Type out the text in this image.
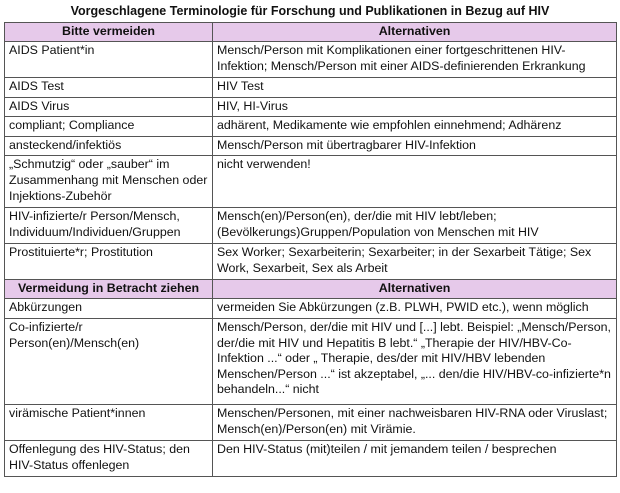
Vorgeschlagene Terminologie für Forschung und Publikationen in Bezug auf HIV
Bitte vermeiden	Alternativen
AIDS Patient*in	Mensch/Person mit Komplikationen einer fortgeschrittenen HIV-Infektion; Mensch/Person mit einer AIDS-definierenden Erkrankung
AIDS Test	HIV Test
AIDS Virus	HIV, HI-Virus
compliant; Compliance	adhärent, Medikamente wie empfohlen einnehmend; Adhärenz
ansteckend/infektiös	Mensch/Person mit übertragbarer HIV-Infektion
„Schmutzig“ oder „sauber“ im Zusammenhang mit Menschen oder Injektions-Zubehör	nicht verwenden!
HIV-infizierte/r Person/Mensch, Individuum/Individuen/Gruppen	Mensch(en)/Person(en), der/die mit HIV lebt/leben; (Bevölkerungs)Gruppen/Population von Menschen mit HIV
Prostituierte*r; Prostitution	Sex Worker; Sexarbeiterin; Sexarbeiter; in der Sexarbeit Tätige; Sex Work, Sexarbeit, Sex als Arbeit
Vermeidung in Betracht ziehen	Alternativen
Abkürzungen	vermeiden Sie Abkürzungen (z.B. PLWH, PWID etc.), wenn möglich
Co-infizierte/r Person(en)/Mensch(en)	Mensch/Person, der/die mit HIV und [...] lebt. Beispiel: „Mensch/Person, der/die mit HIV und Hepatitis B lebt.“ „Therapie der HIV/HBV-Co-Infektion ...“ oder „ Therapie, des/der mit HIV/HBV lebenden Menschen/Person ...“ ist akzeptabel, „... den/die HIV/HBV-co-infizierte*n behandeln...“ nicht
virämische Patient*innen	Menschen/Personen, mit einer nachweisbaren HIV-RNA oder Viruslast; Mensch(en)/Person(en) mit Virämie.
Offenlegung des HIV-Status; den HIV-Status offenlegen	Den HIV-Status (mit)teilen / mit jemandem teilen / besprechen
